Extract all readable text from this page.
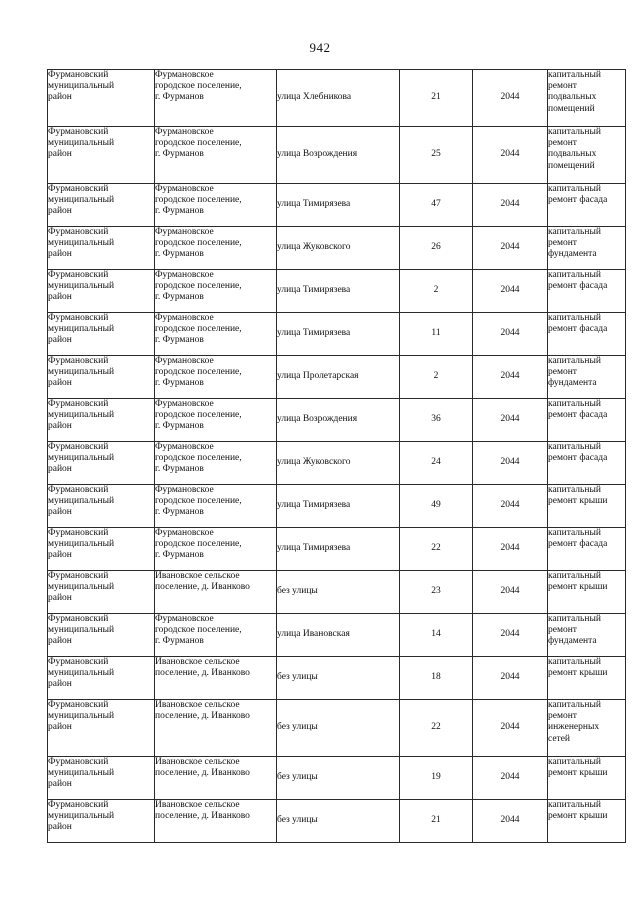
942
Фурмановский
муниципальный
район	Фурмановское
городское поселение,
г. Фурманов	улица Хлебникова	21	2044	капитальный
ремонт
подвальных
помещений

Фурмановский
муниципальный
район	Фурмановское
городское поселение,
г. Фурманов	улица Возрождения	25	2044	капитальный
ремонт
подвальных
помещений

Фурмановский
муниципальный
район	Фурмановское
городское поселение,
г. Фурманов	улица Тимирязева	47	2044	капитальный
ремонт фасада

Фурмановский
муниципальный
район	Фурмановское
городское поселение,
г. Фурманов	улица Жуковского	26	2044	капитальный
ремонт
фундамента

Фурмановский
муниципальный
район	Фурмановское
городское поселение,
г. Фурманов	улица Тимирязева	2	2044	капитальный
ремонт фасада

Фурмановский
муниципальный
район	Фурмановское
городское поселение,
г. Фурманов	улица Тимирязева	11	2044	капитальный
ремонт фасада

Фурмановский
муниципальный
район	Фурмановское
городское поселение,
г. Фурманов	улица Пролетарская	2	2044	капитальный
ремонт
фундамента

Фурмановский
муниципальный
район	Фурмановское
городское поселение,
г. Фурманов	улица Возрождения	36	2044	капитальный
ремонт фасада

Фурмановский
муниципальный
район	Фурмановское
городское поселение,
г. Фурманов	улица Жуковского	24	2044	капитальный
ремонт фасада

Фурмановский
муниципальный
район	Фурмановское
городское поселение,
г. Фурманов	улица Тимирязева	49	2044	капитальный
ремонт крыши

Фурмановский
муниципальный
район	Фурмановское
городское поселение,
г. Фурманов	улица Тимирязева	22	2044	капитальный
ремонт фасада

Фурмановский
муниципальный
район	Ивановское сельское
поселение, д. Иванково	без улицы	23	2044	капитальный
ремонт крыши

Фурмановский
муниципальный
район	Фурмановское
городское поселение,
г. Фурманов	улица Ивановская	14	2044	капитальный
ремонт
фундамента

Фурмановский
муниципальный
район	Ивановское сельское
поселение, д. Иванково	без улицы	18	2044	капитальный
ремонт крыши

Фурмановский
муниципальный
район	Ивановское сельское
поселение, д. Иванково	без улицы	22	2044	капитальный
ремонт
инженерных
сетей

Фурмановский
муниципальный
район	Ивановское сельское
поселение, д. Иванково	без улицы	19	2044	капитальный
ремонт крыши

Фурмановский
муниципальный
район	Ивановское сельское
поселение, д. Иванково	без улицы	21	2044	капитальный
ремонт крыши
